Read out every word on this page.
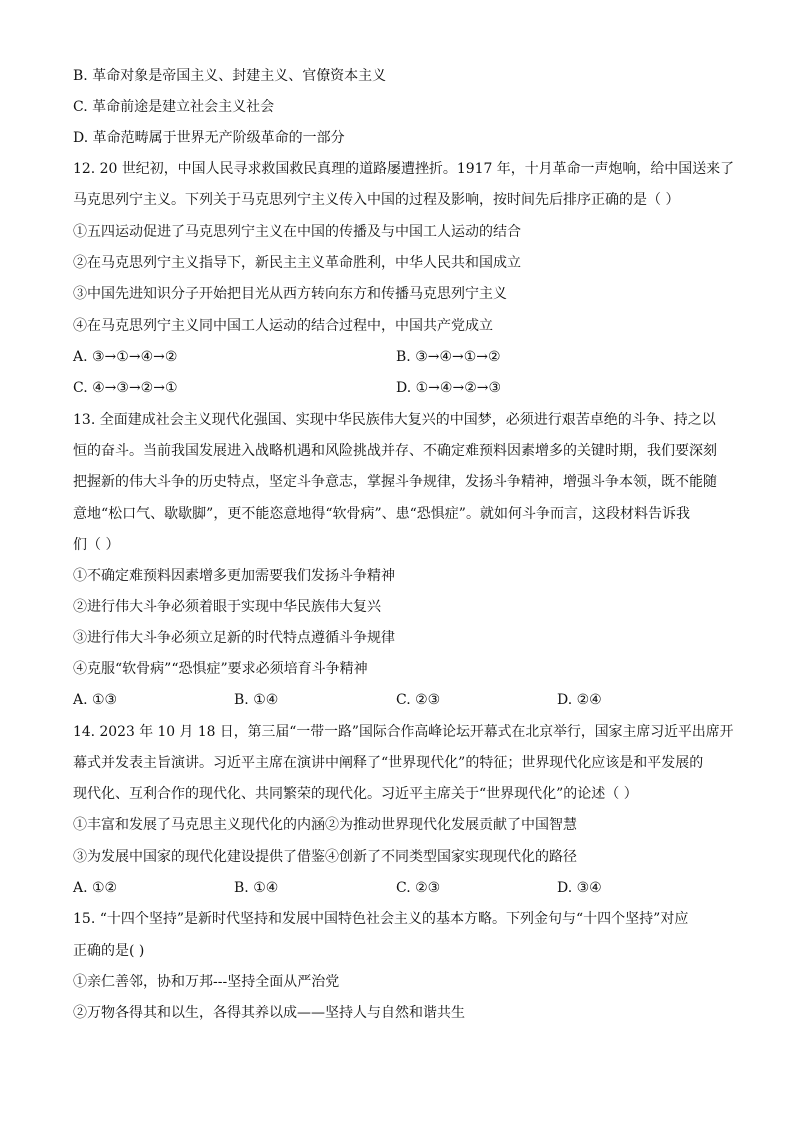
B. 革命对象是帝国主义、封建主义、官僚资本主义
C. 革命前途是建立社会主义社会
D. 革命范畴属于世界无产阶级革命的一部分
12. 20 世纪初，中国人民寻求救国救民真理的道路屡遭挫折。1917 年，十月革命一声炮响，给中国送来了
马克思列宁主义。下列关于马克思列宁主义传入中国的过程及影响，按时间先后排序正确的是（ ）
①五四运动促进了马克思列宁主义在中国的传播及与中国工人运动的结合
②在马克思列宁主义指导下，新民主主义革命胜利，中华人民共和国成立
③中国先进知识分子开始把目光从西方转向东方和传播马克思列宁主义
④在马克思列宁主义同中国工人运动的结合过程中，中国共产党成立
A. ③→①→④→②	B. ③→④→①→②
C. ④→③→②→①	D. ①→④→②→③
13. 全面建成社会主义现代化强国、实现中华民族伟大复兴的中国梦，必须进行艰苦卓绝的斗争、持之以
恒的奋斗。当前我国发展进入战略机遇和风险挑战并存、不确定难预料因素增多的关键时期，我们要深刻
把握新的伟大斗争的历史特点，坚定斗争意志，掌握斗争规律，发扬斗争精神，增强斗争本领，既不能随
意地“松口气、歇歇脚”，更不能恣意地得“软骨病”、患“恐惧症”。就如何斗争而言，这段材料告诉我
们（ ）
①不确定难预料因素增多更加需要我们发扬斗争精神
②进行伟大斗争必须着眼于实现中华民族伟大复兴
③进行伟大斗争必须立足新的时代特点遵循斗争规律
④克服“软骨病”“恐惧症”要求必须培育斗争精神
A. ①③	B. ①④	C. ②③	D. ②④
14. 2023 年 10 月 18 日，第三届“一带一路”国际合作高峰论坛开幕式在北京举行，国家主席习近平出席开
幕式并发表主旨演讲。习近平主席在演讲中阐释了“世界现代化”的特征；世界现代化应该是和平发展的
现代化、互利合作的现代化、共同繁荣的现代化。习近平主席关于“世界现代化”的论述（ ）
①丰富和发展了马克思主义现代化的内涵②为推动世界现代化发展贡献了中国智慧
③为发展中国家的现代化建设提供了借鉴④创新了不同类型国家实现现代化的路径
A. ①②	B. ①④	C. ②③	D. ③④
15. “十四个坚持”是新时代坚持和发展中国特色社会主义的基本方略。下列金句与“十四个坚持”对应
正确的是( )
①亲仁善邻，协和万邦---坚持全面从严治党
②万物各得其和以生，各得其养以成——坚持人与自然和谐共生
